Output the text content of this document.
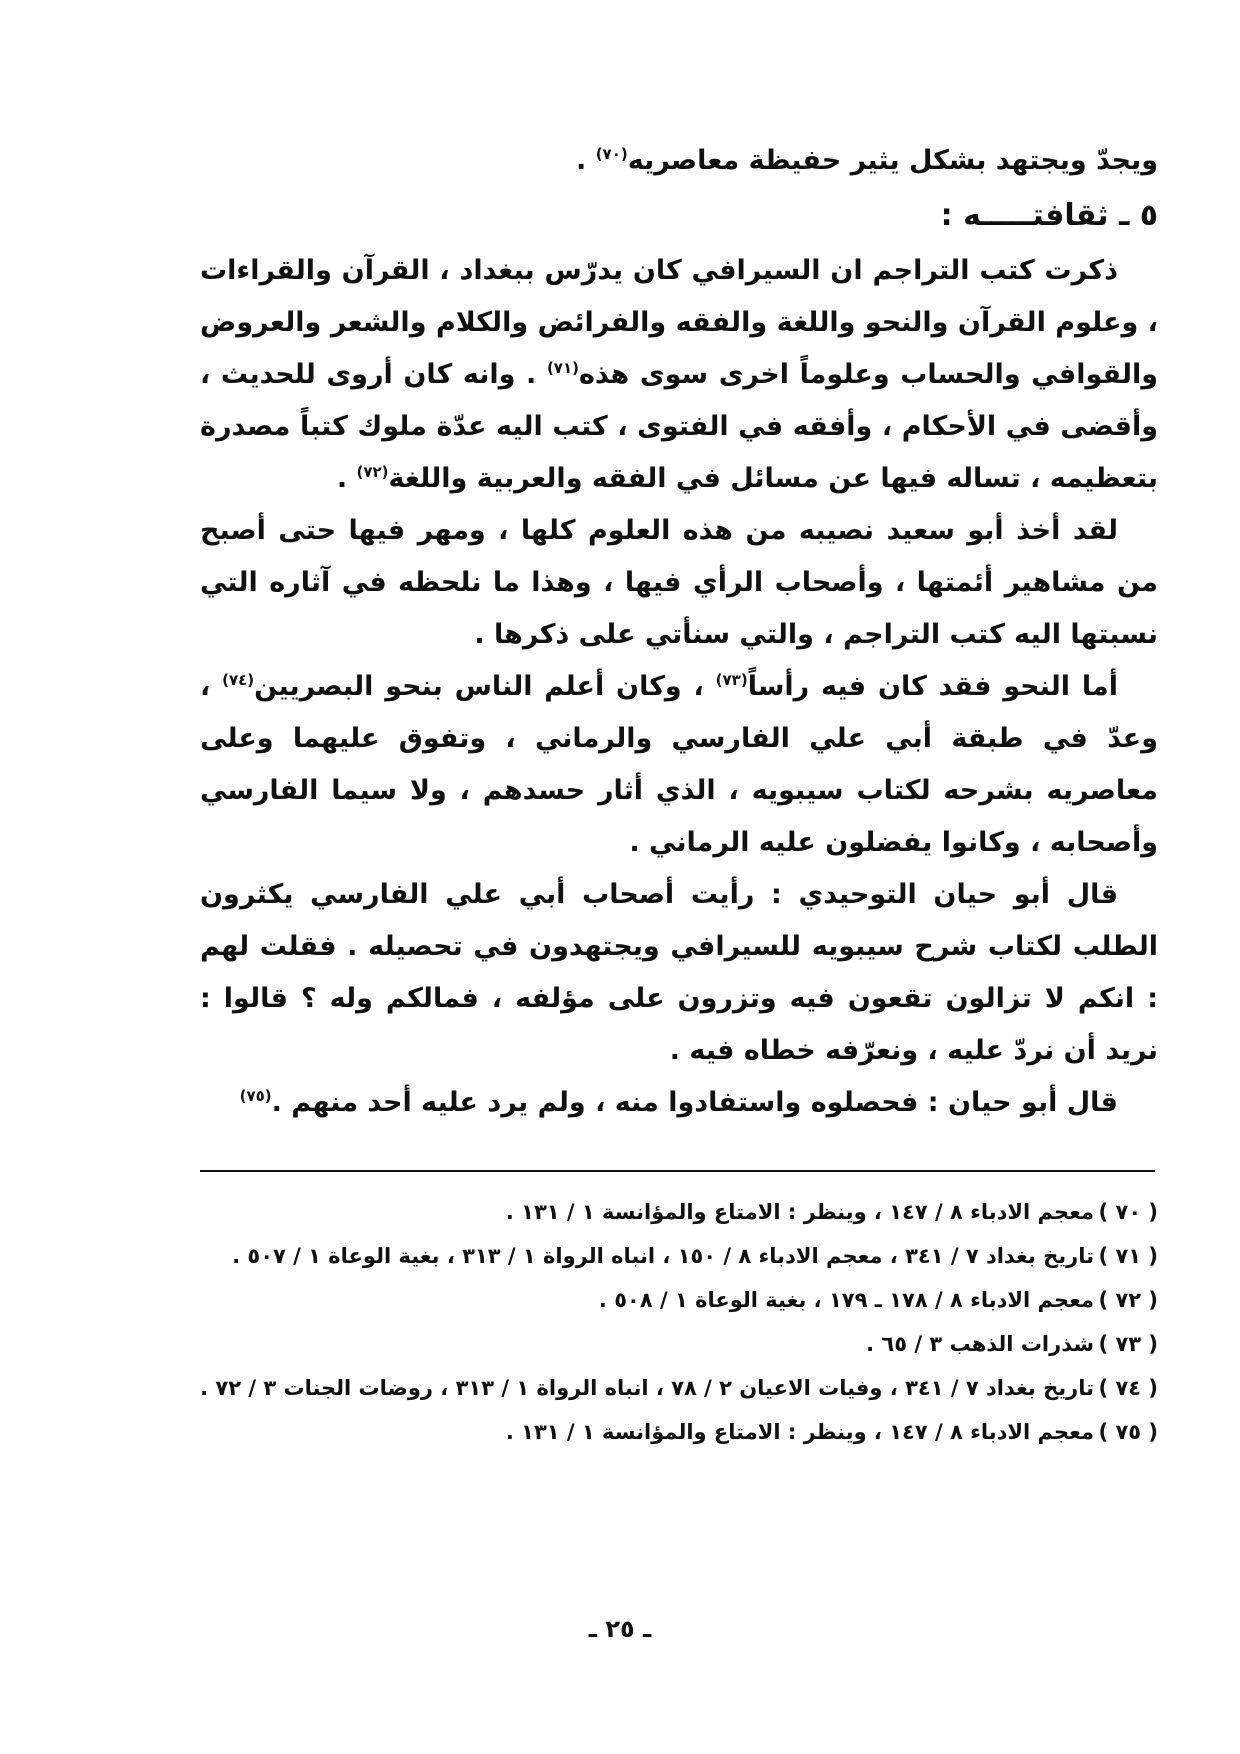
ويجدّ ويجتهد بشكل يثير حفيظة معاصريه$^{(٧٠)}$ .

٥ ـ ثقافتـــــه :

ذكرت كتب التراجم ان السيرافي كان يدرّس ببغداد ، القرآن والقراءات ، وعلوم القرآن والنحو واللغة والفقه والفرائض والكلام والشعر والعروض والقوافي والحساب وعلوماً اخرى سوى هذه$^{(٧١)}$ . وانه كان أروى للحديث ، وأقضى في الأحكام ، وأفقه في الفتوى ، كتب اليه عدّة ملوك كتباً مصدرة بتعظيمه ، تساله فيها عن مسائل في الفقه والعربية واللغة$^{(٧٢)}$ .

لقد أخذ أبو سعيد نصيبه من هذه العلوم كلها ، ومهر فيها حتى أصبح من مشاهير أئمتها ، وأصحاب الرأي فيها ، وهذا ما نلحظه في آثاره التي نسبتها اليه كتب التراجم ، والتي سنأتي على ذكرها .

أما النحو فقد كان فيه رأساً$^{(٧٣)}$ ، وكان أعلم الناس بنحو البصريين$^{(٧٤)}$ ، وعدّ في طبقة أبي علي الفارسي والرماني ، وتفوق عليهما وعلى معاصريه بشرحه لكتاب سيبويه ، الذي أثار حسدهم ، ولا سيما الفارسي وأصحابه ، وكانوا يفضلون عليه الرماني .

قال أبو حيان التوحيدي : رأيت أصحاب أبي علي الفارسي يكثرون الطلب لكتاب شرح سيبويه للسيرافي ويجتهدون في تحصيله . فقلت لهم : انكم لا تزالون تقعون فيه وتزرون على مؤلفه ، فمالكم وله ؟ قالوا : نريد أن نردّ عليه ، ونعرّفه خطاه فيه .

قال أبو حيان : فحصلوه واستفادوا منه ، ولم يرد عليه أحد منهم .$^{(٧٥)}$

( ٧٠ )
معجم الادباء ٨ / ١٤٧ ، وينظر : الامتاع والمؤانسة ١ / ١٣١ .
( ٧١ )
تاريخ بغداد ٧ / ٣٤١ ، معجم الادباء ٨ / ١٥٠ ، انباه الرواة ١ / ٣١٣ ، بغية الوعاة ١ / ٥٠٧ .
( ٧٢ )
معجم الادباء ٨ / ١٧٨ ـ ١٧٩ ، بغية الوعاة ١ / ٥٠٨ .
( ٧٣ )
شذرات الذهب ٣ / ٦٥ .
( ٧٤ )
تاريخ بغداد ٧ / ٣٤١ ، وفيات الاعيان ٢ / ٧٨ ، انباه الرواة ١ / ٣١٣ ، روضات الجنات ٣ / ٧٢ .
( ٧٥ )
معجم الادباء ٨ / ١٤٧ ، وينظر : الامتاع والمؤانسة ١ / ١٣١ .
ـ ٢٥ ـ
